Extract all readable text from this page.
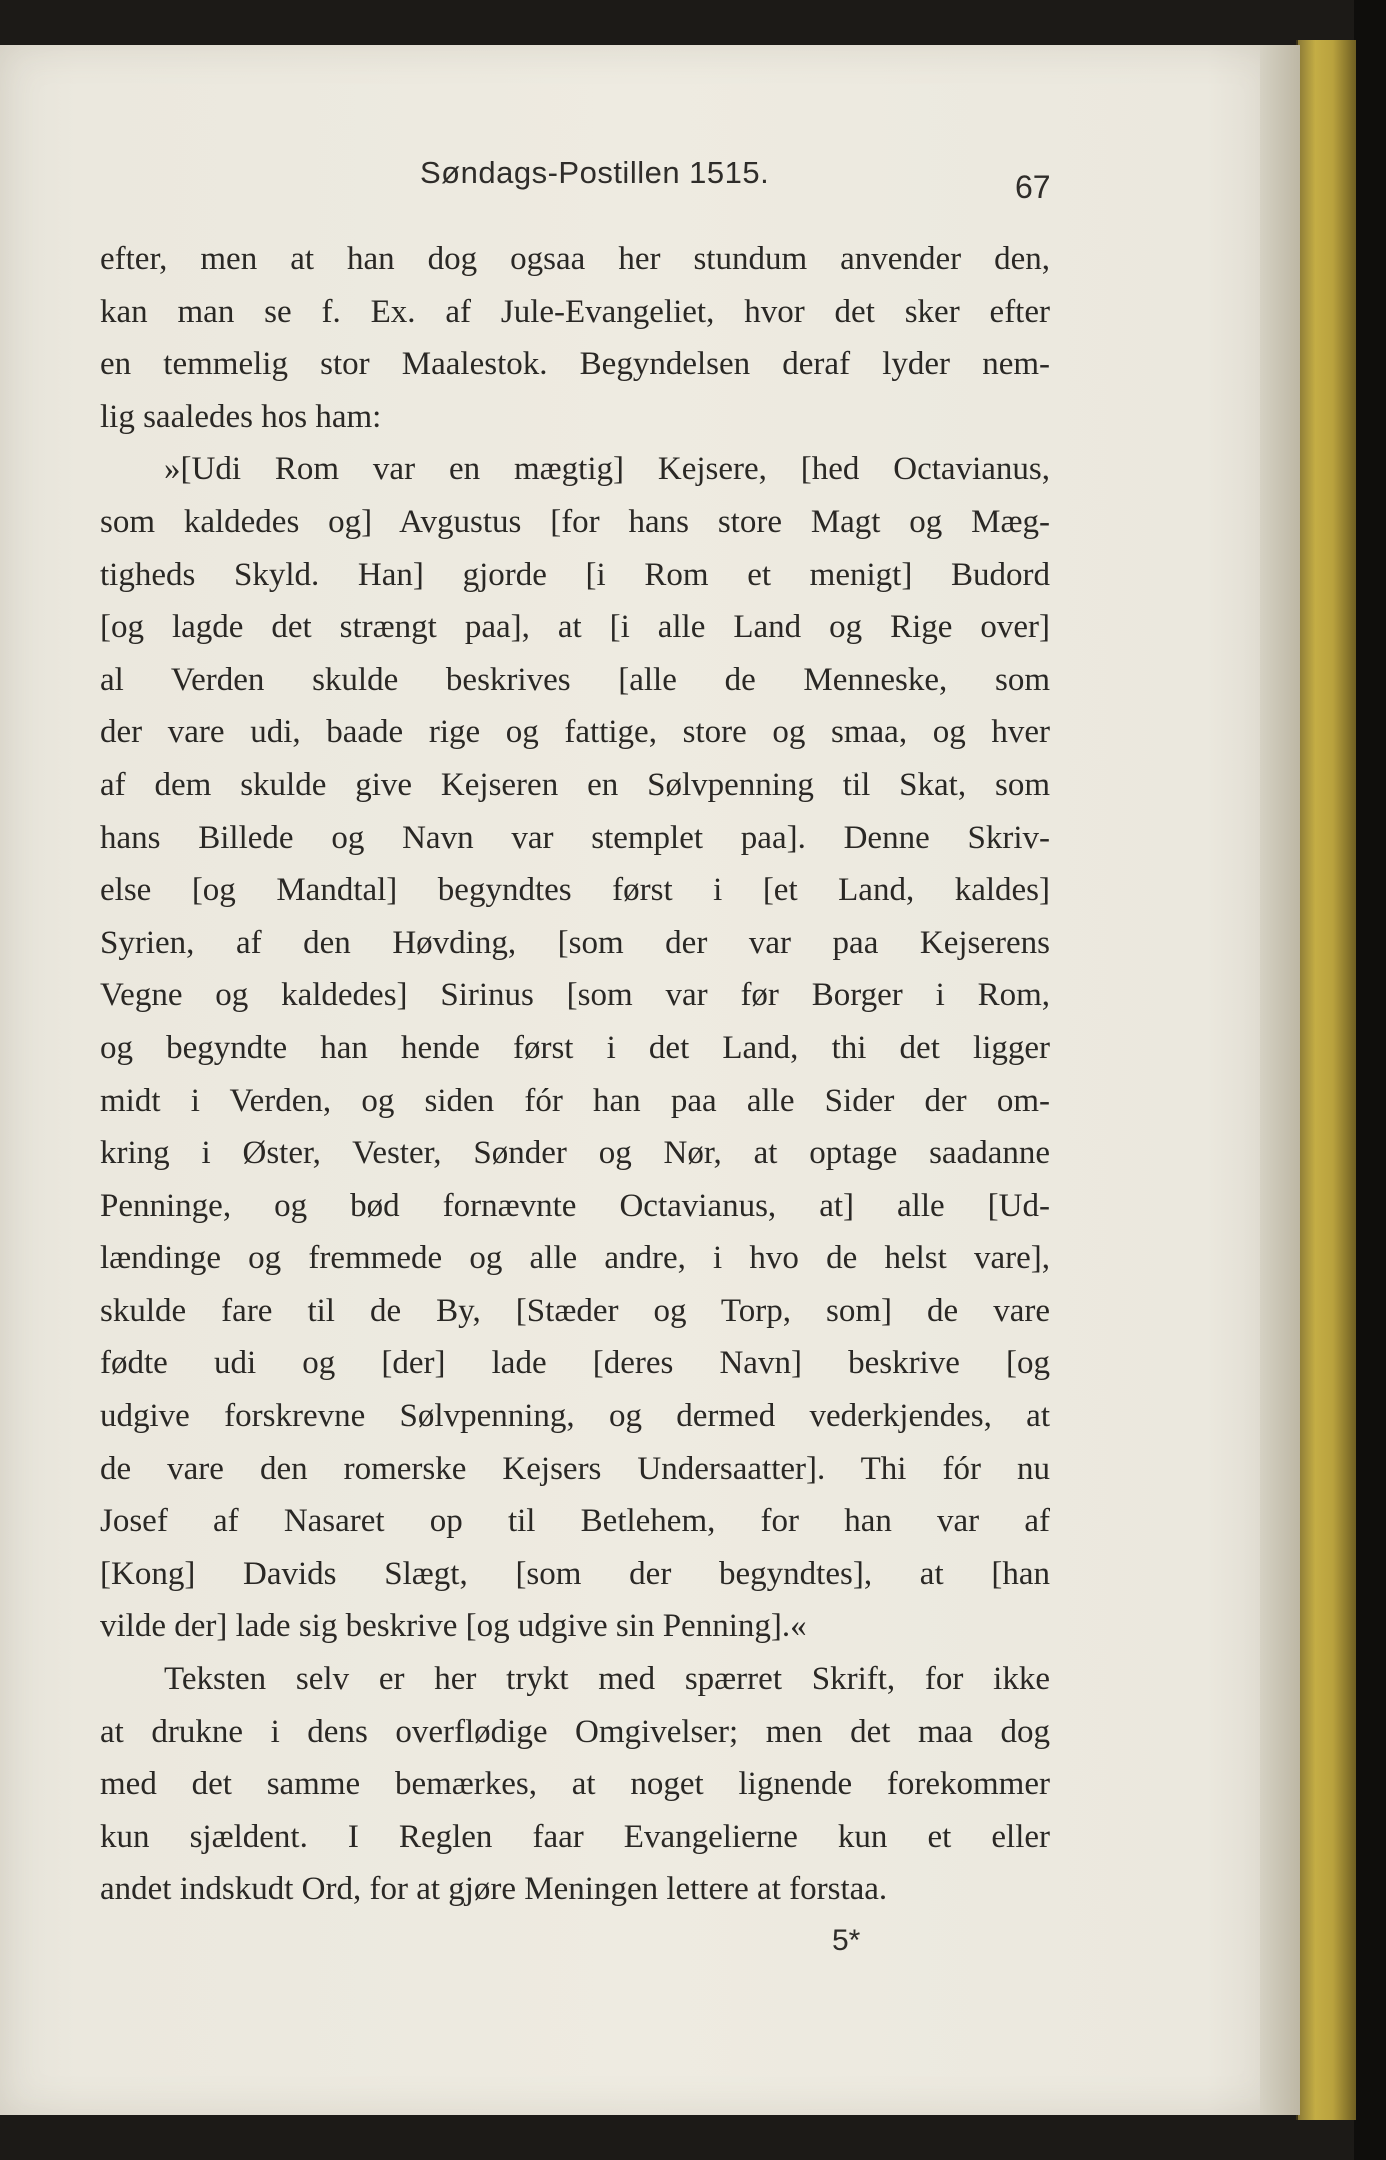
Søndags-Postillen 1515.	67
efter, men at han dog ogsaa her stundum anvender den,
kan man se f. Ex. af Jule-Evangeliet, hvor det sker efter
en temmelig stor Maalestok. Begyndelsen deraf lyder nem-
lig saaledes hos ham:
»[Udi Rom var en mægtig] Kejsere, [hed Octavianus,
som kaldedes og] Avgustus [for hans store Magt og Mæg-
tigheds Skyld. Han] gjorde [i Rom et menigt] Budord
[og lagde det strængt paa], at [i alle Land og Rige over]
al Verden skulde beskrives [alle de Menneske, som
der vare udi, baade rige og fattige, store og smaa, og hver
af dem skulde give Kejseren en Sølvpenning til Skat, som
hans Billede og Navn var stemplet paa]. Denne Skriv-
else [og Mandtal] begyndtes først i [et Land, kaldes]
Syrien, af den Høvding, [som der var paa Kejserens
Vegne og kaldedes] Sirinus [som var før Borger i Rom,
og begyndte han hende først i det Land, thi det ligger
midt i Verden, og siden fór han paa alle Sider der om-
kring i Øster, Vester, Sønder og Nør, at optage saadanne
Penninge, og bød fornævnte Octavianus, at] alle [Ud-
lændinge og fremmede og alle andre, i hvo de helst vare],
skulde fare til de By, [Stæder og Torp, som] de vare
fødte udi og [der] lade [deres Navn] beskrive [og
udgive forskrevne Sølvpenning, og dermed vederkjendes, at
de vare den romerske Kejsers Undersaatter]. Thi fór nu
Josef af Nasaret op til Betlehem, for han var af
[Kong] Davids Slægt, [som der begyndtes], at [han
vilde der] lade sig beskrive [og udgive sin Penning].«
Teksten selv er her trykt med spærret Skrift, for ikke
at drukne i dens overflødige Omgivelser; men det maa dog
med det samme bemærkes, at noget lignende forekommer
kun sjældent. I Reglen faar Evangelierne kun et eller
andet indskudt Ord, for at gjøre Meningen lettere at forstaa.
5*
